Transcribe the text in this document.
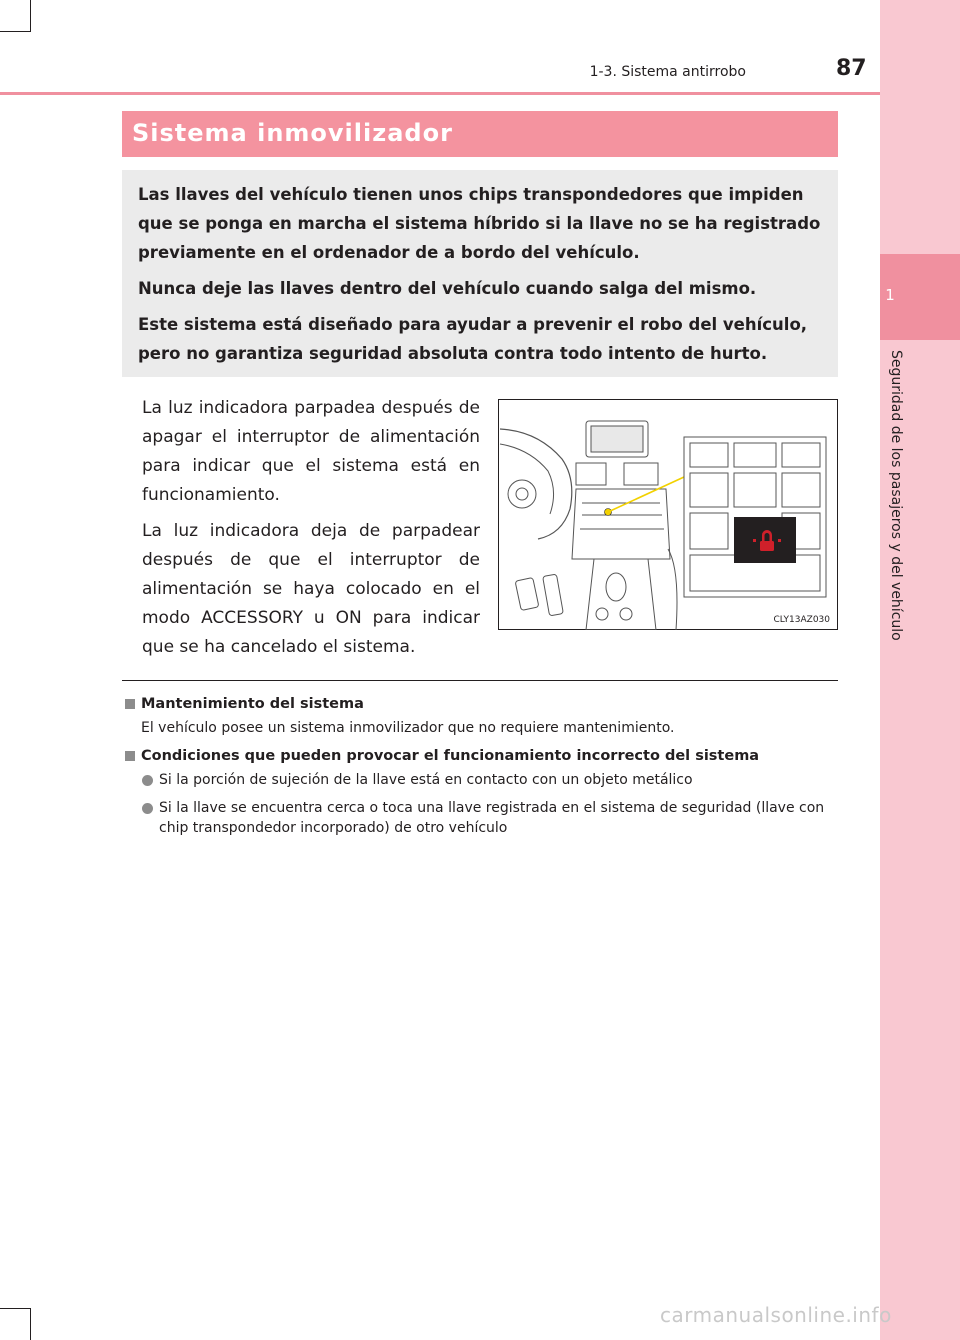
1
Seguridad de los pasajeros y del vehículo
1-3. Sistema antirrobo	87
Sistema inmovilizador

Las llaves del vehículo tienen unos chips transpondedores que impiden que se ponga en marcha el sistema híbrido si la llave no se ha registrado previamente en el ordenador de a bordo del vehículo.

Nunca deje las llaves dentro del vehículo cuando salga del mismo.

Este sistema está diseñado para ayudar a prevenir el robo del vehículo, pero no garantiza seguridad absoluta contra todo intento de hurto.

La luz indicadora parpadea después de apagar el interruptor de alimentación para indicar que el sistema está en funcionamiento.

La luz indicadora deja de parpadear después de que el interruptor de alimentación se haya colocado en el modo ACCESSORY u ON para indicar que se ha cancelado el sistema.

CLY13AZ030
Mantenimiento del sistema
El vehículo posee un sistema inmovilizador que no requiere mantenimiento.
Condiciones que pueden provocar el funcionamiento incorrecto del sistema
Si la porción de sujeción de la llave está en contacto con un objeto metálico
Si la llave se encuentra cerca o toca una llave registrada en el sistema de seguridad (llave con chip transpondedor incorporado) de otro vehículo
carmanualsonline.info
